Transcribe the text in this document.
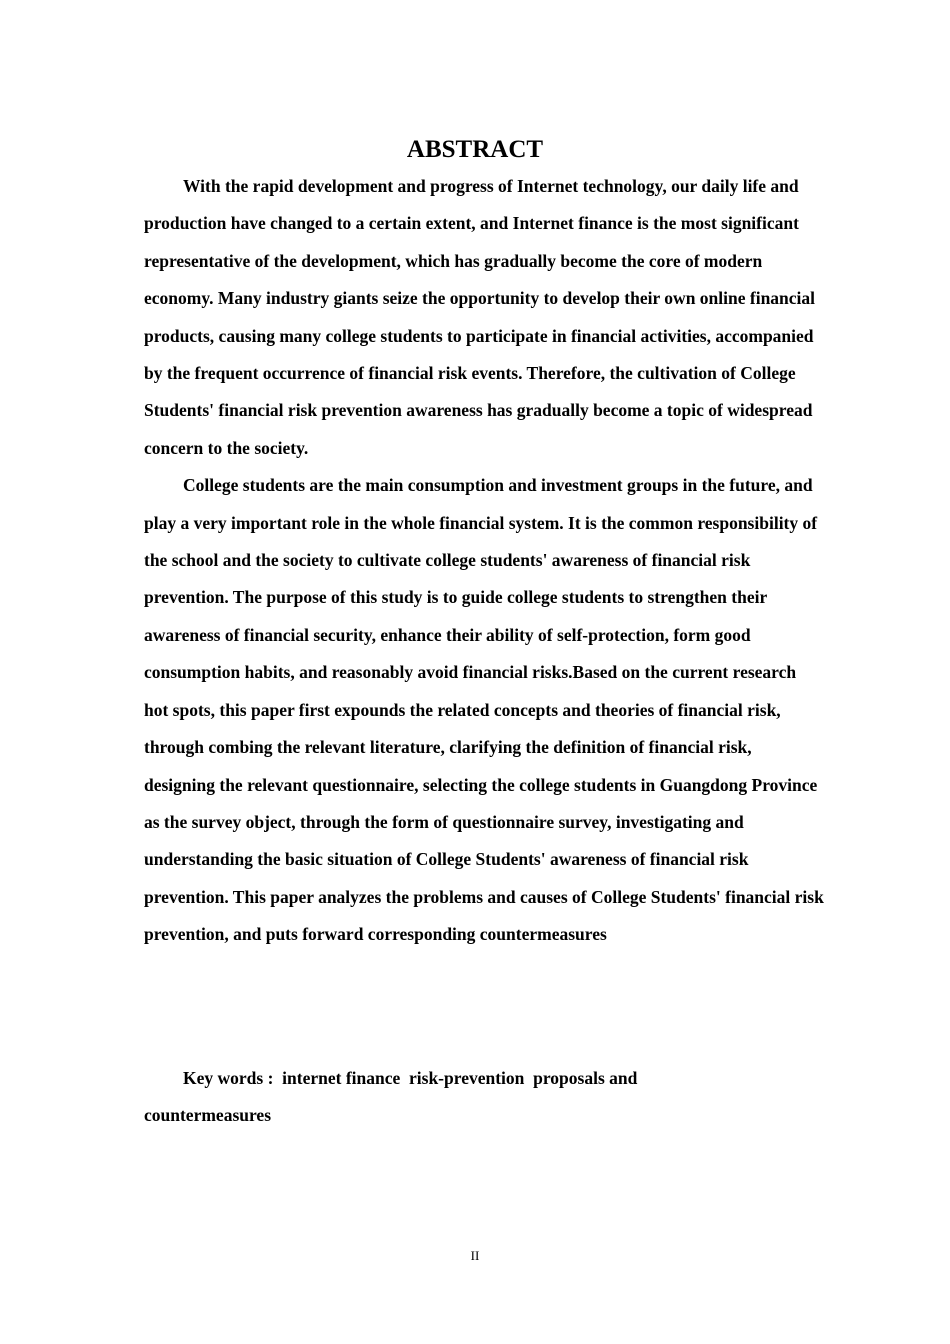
ABSTRACT

With the rapid development and progress of Internet technology, our daily life and production have changed to a certain extent, and Internet finance is the most significant representative of the development, which has gradually become the core of modern economy. Many industry giants seize the opportunity to develop their own online financial products, causing many college students to participate in financial activities, accompanied by the frequent occurrence of financial risk events. Therefore, the cultivation of College Students' financial risk prevention awareness has gradually become a topic of widespread concern to the society.

College students are the main consumption and investment groups in the future, and play a very important role in the whole financial system. It is the common responsibility of the school and the society to cultivate college students' awareness of financial risk prevention. The purpose of this study is to guide college students to strengthen their awareness of financial security, enhance their ability of self-protection, form good consumption habits, and reasonably avoid financial risks.Based on the current research hot spots, this paper first expounds the related concepts and theories of financial risk, through combing the relevant literature, clarifying the definition of financial risk, designing the relevant questionnaire, selecting the college students in Guangdong Province as the survey object, through the form of questionnaire survey, investigating and understanding the basic situation of College Students' awareness of financial risk prevention. This paper analyzes the problems and causes of College Students' financial risk prevention, and puts forward corresponding countermeasures

Key words :  internet finance  risk-prevention  proposals and countermeasures

II
